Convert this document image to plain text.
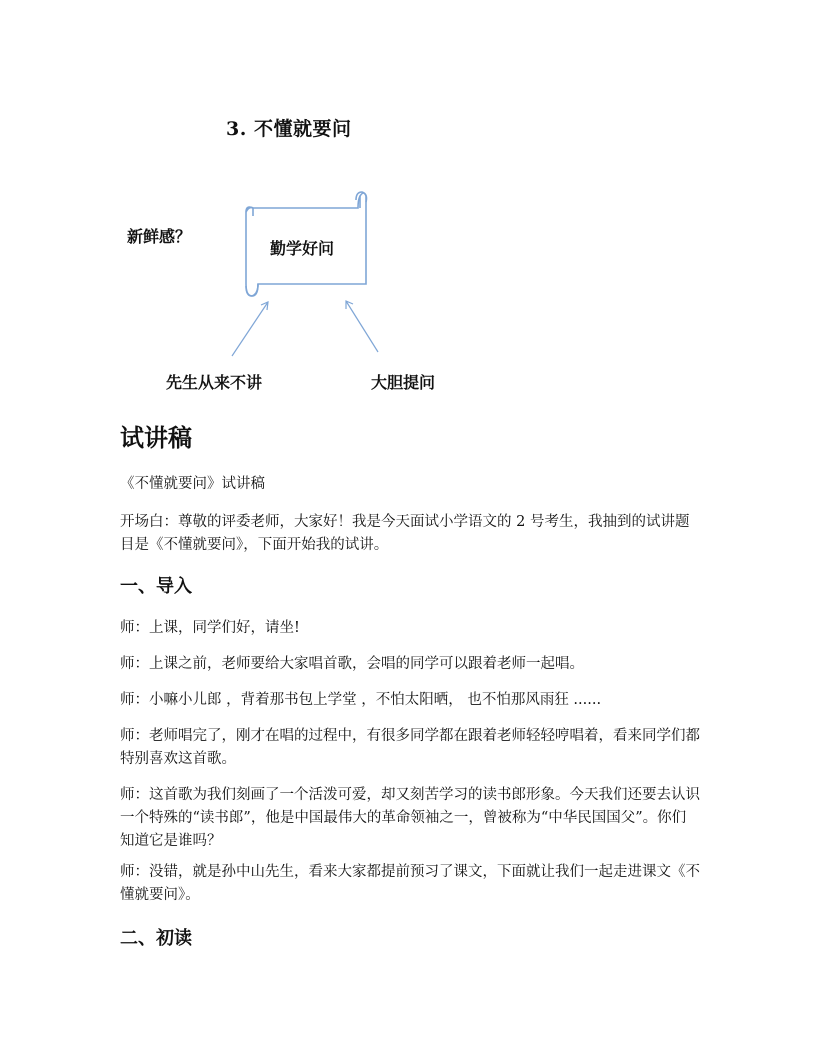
3. 不懂就要问
新鲜感？
勤学好问
先生从来不讲	大胆提问
试讲稿
《不懂就要问》试讲稿
开场白：尊敬的评委老师，大家好！我是今天面试小学语文的 2 号考生，我抽到的试讲题目是《不懂就要问》，下面开始我的试讲。
一、导入
师：上课，同学们好，请坐!
师：上课之前，老师要给大家唱首歌，会唱的同学可以跟着老师一起唱。
师：小嘛小儿郎 ，背着那书包上学堂 ，不怕太阳晒， 也不怕那风雨狂 ......
师：老师唱完了，刚才在唱的过程中，有很多同学都在跟着老师轻轻哼唱着，看来同学们都特别喜欢这首歌。
师：这首歌为我们刻画了一个活泼可爱，却又刻苦学习的读书郎形象。今天我们还要去认识一个特殊的“读书郎”，他是中国最伟大的革命领袖之一，曾被称为“中华民国国父”。你们知道它是谁吗？
师：没错，就是孙中山先生，看来大家都提前预习了课文，下面就让我们一起走进课文《不懂就要问》。
二、初读
